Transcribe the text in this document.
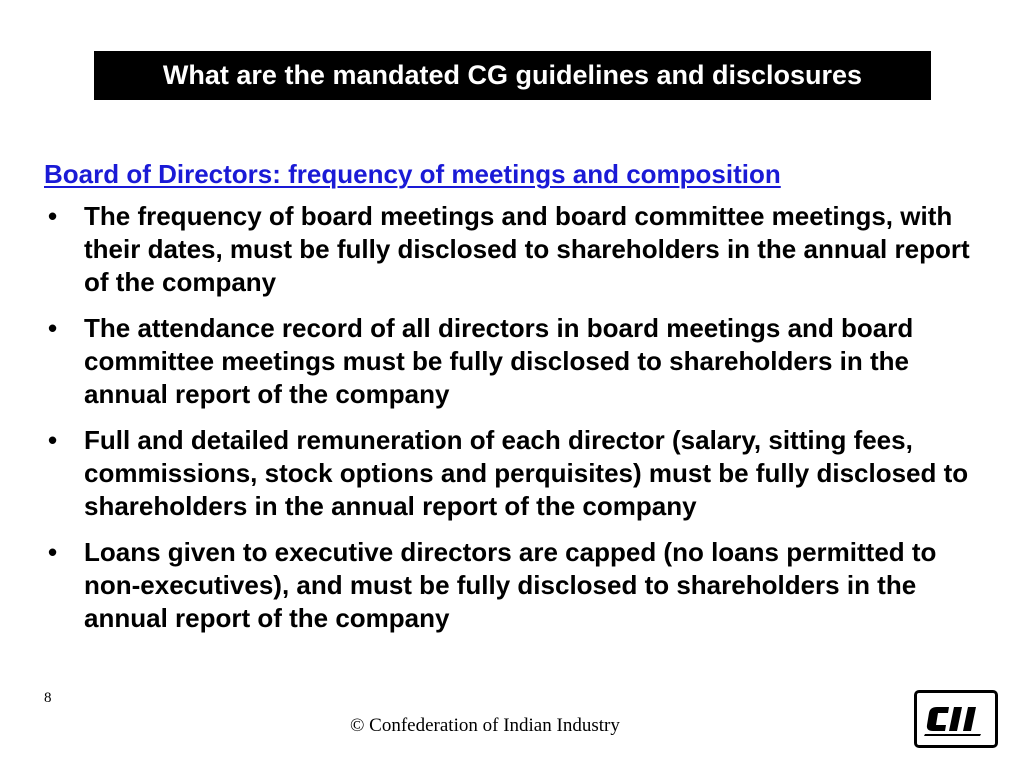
What are the mandated CG guidelines and disclosures
Board of Directors: frequency of meetings and composition
• The frequency of board meetings and board committee meetings, with their dates, must be fully disclosed to shareholders in the annual report of the company
• The attendance record of all directors in board meetings and board committee meetings must be fully disclosed to shareholders in the annual report of the company
• Full and detailed remuneration of each director (salary, sitting fees, commissions, stock options and perquisites) must be fully disclosed to shareholders in the annual report of the company
• Loans given to executive directors are capped (no loans permitted to non-executives), and must be fully disclosed to shareholders in the annual report of the company
8
© Confederation of Indian Industry
